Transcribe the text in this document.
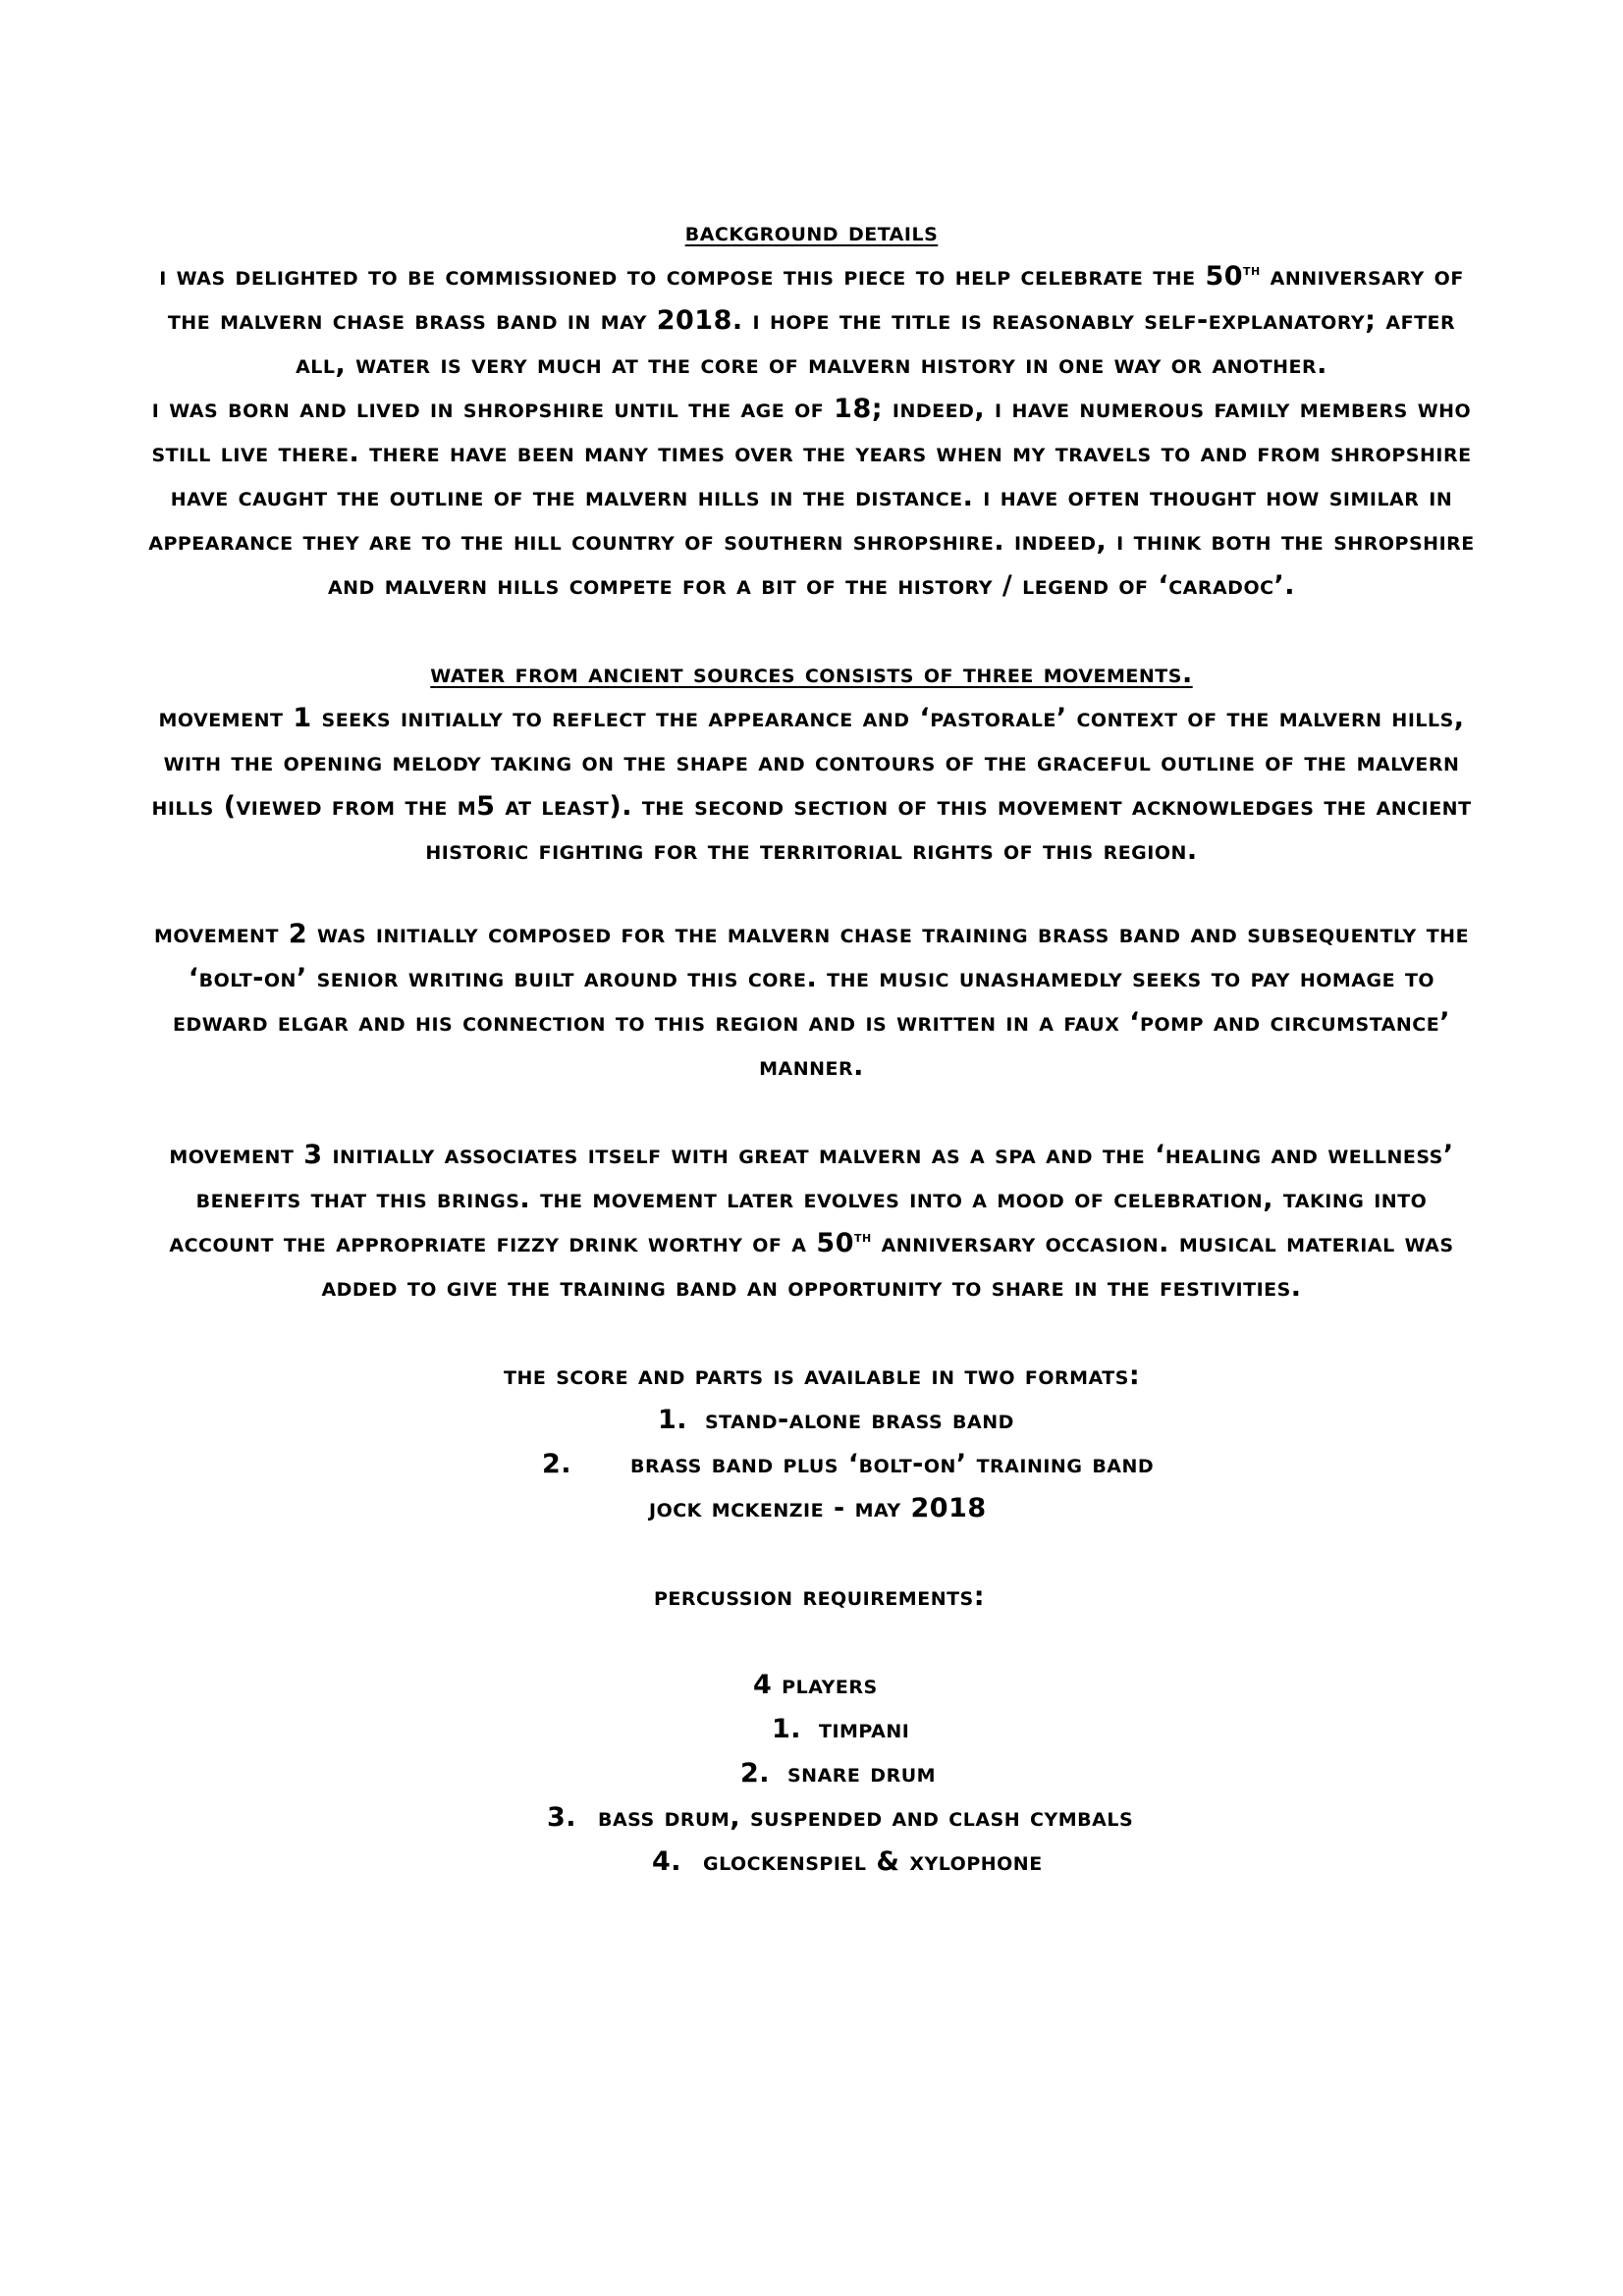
background details

i was delighted to be commissioned to compose this piece to help celebrate the 50th anniversary of the malvern chase brass band in may 2018. i hope the title is reasonably self-explanatory; after all, water is very much at the core of malvern history in one way or another.

i was born and lived in shropshire until the age of 18; indeed, i have numerous family members who still live there. there have been many times over the years when my travels to and from shropshire have caught the outline of the malvern hills in the distance. i have often thought how similar in appearance they are to the hill country of southern shropshire. indeed, i think both the shropshire and malvern hills compete for a bit of the history / legend of ‘caradoc’.

water from ancient sources consists of three movements.

movement 1 seeks initially to reflect the appearance and ‘pastorale’ context of the malvern hills, with the opening melody taking on the shape and contours of the graceful outline of the malvern hills (viewed from the m5 at least). the second section of this movement acknowledges the ancient historic fighting for the territorial rights of this region.

movement 2 was initially composed for the malvern chase training brass band and subsequently the ‘bolt-on’ senior writing built around this core. the music unashamedly seeks to pay homage to edward elgar and his connection to this region and is written in a faux ‘pomp and circumstance’ manner.

movement 3 initially associates itself with great malvern as a spa and the ‘healing and wellness’ benefits that this brings. the movement later evolves into a mood of celebration, taking into account the appropriate fizzy drink worthy of a 50th anniversary occasion. musical material was added to give the training band an opportunity to share in the festivities.

the score and parts is available in two formats:
1. stand-alone brass band
2. brass band plus ‘bolt-on’ training band
jock mckenzie - may 2018
percussion requirements:
4 players
1. timpani
2. snare drum
3. bass drum, suspended and clash cymbals
4. glockenspiel & xylophone
